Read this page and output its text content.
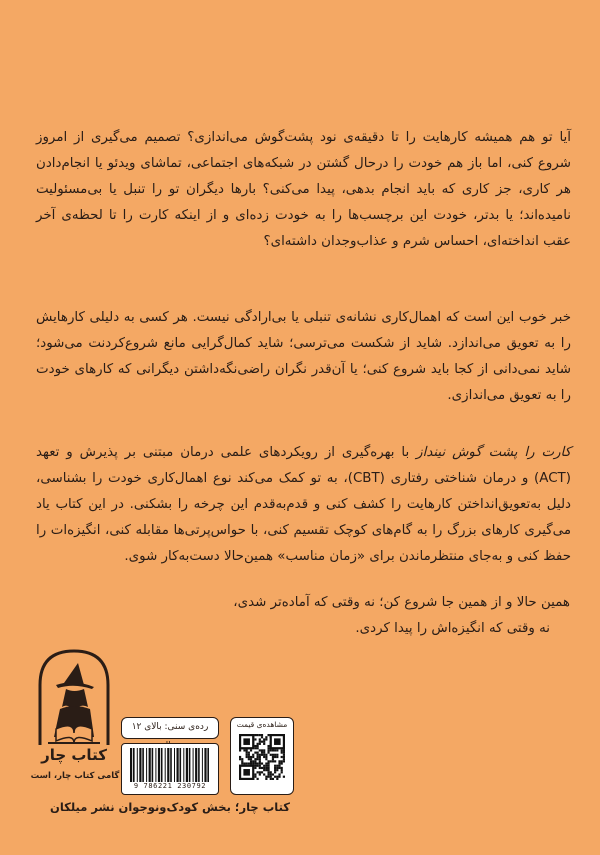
آیا تو هم همیشه کارهایت را تا دقیقه‌ی نود پشت‌گوش می‌اندازی؟ تصمیم می‌گیری از امروز شروع کنی، اما باز هم خودت را درحال گشتن در شبکه‌های اجتماعی، تماشای ویدئو یا انجام‌دادن هر کاری، جز کاری که باید انجام بدهی، پیدا می‌کنی؟ بارها دیگران تو را تنبل یا بی‌مسئولیت نامیده‌اند؛ یا بدتر، خودت این برچسب‌ها را به خودت زده‌ای و از اینکه کارت را تا لحظه‌ی آخر عقب انداخته‌ای، احساس شرم و عذاب‌وجدان داشته‌ای؟
خبر خوب این است که اهمال‌کاری نشانه‌ی تنبلی یا بی‌ارادگی نیست. هر کسی به دلیلی کارهایش را به تعویق می‌اندازد. شاید از شکست می‌ترسی؛ شاید کمال‌گرایی مانع شروع‌کردنت می‌شود؛ شاید نمی‌دانی از کجا باید شروع کنی؛ یا آن‌قدر نگران راضی‌نگه‌داشتن دیگرانی که کارهای خودت را به تعویق می‌اندازی.
کارت را پشت گوش نینداز با بهره‌گیری از رویکردهای علمی درمان مبتنی بر پذیرش و تعهد (ACT) و درمان شناختی رفتاری (CBT)، به تو کمک می‌کند نوع اهمال‌کاری خودت را بشناسی، دلیل به‌تعویق‌انداختن کارهایت را کشف کنی و قدم‌به‌قدم این چرخه را بشکنی. در این کتاب یاد می‌گیری کارهای بزرگ را به گام‌های کوچک تقسیم کنی، با حواس‌پرتی‌ها مقابله کنی، انگیزه‌ات را حفظ کنی و به‌جای منتظرماندن برای «زمان مناسب» همین‌حالا دست‌به‌کار شوی.
همین حالا و از همین جا شروع کن؛ نه وقتی که آماده‌تر شدی،
نه وقتی که انگیزه‌اش را پیدا کردی.
کتاب چار
گامی کتاب چار، است
رده‌ی سنی: بالای ۱۲
9 786221 230792
مشاهده‌ی قیمت
کتاب چار؛ بخش کودک‌ونوجوان نشر میلکان
